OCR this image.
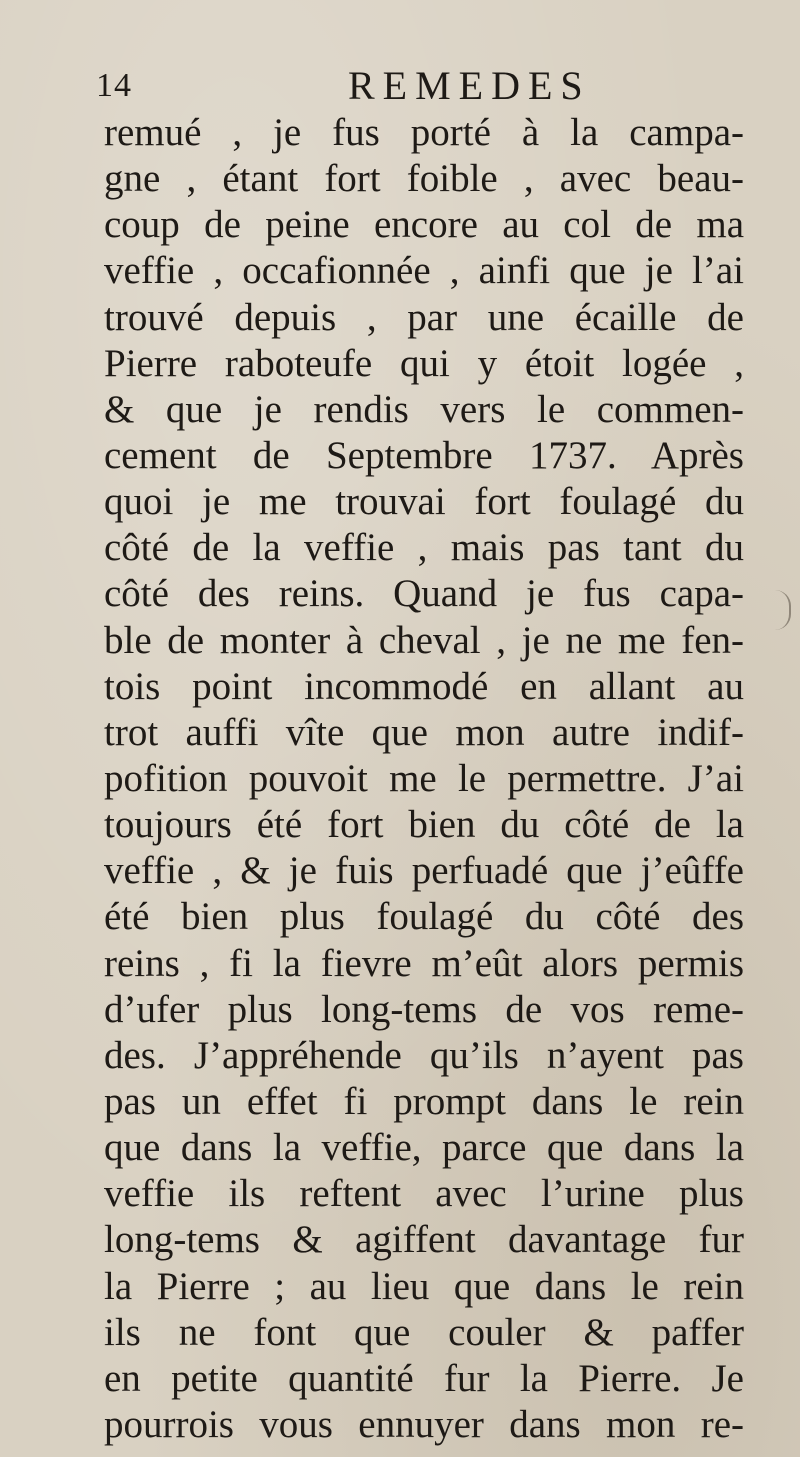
14	REMEDES
remué , je fus porté à la campa-
gne , étant fort foible , avec beau-
coup de peine encore au col de ma
veffie , occafionnée , ainfi que je l’ai
trouvé depuis , par une écaille de
Pierre raboteufe qui y étoit logée ,
& que je rendis vers le commen-
cement de Septembre 1737. Après
quoi je me trouvai fort foulagé du
côté de la veffie , mais pas tant du
côté des reins. Quand je fus capa-
ble de monter à cheval , je ne me fen-
tois point incommodé en allant au
trot auffi vîte que mon autre indif-
pofition pouvoit me le permettre. J’ai
toujours été fort bien du côté de la
veffie , & je fuis perfuadé que j’eûffe
été bien plus foulagé du côté des
reins , fi la fievre m’eût alors permis
d’ufer plus long-tems de vos reme-
des. J’appréhende qu’ils n’ayent pas
pas un effet fi prompt dans le rein
que dans la veffie, parce que dans la
veffie ils reftent avec l’urine plus
long-tems & agiffent davantage fur
la Pierre ; au lieu que dans le rein
ils ne font que couler & paffer
en petite quantité fur la Pierre. Je
pourrois vous ennuyer dans mon re-
